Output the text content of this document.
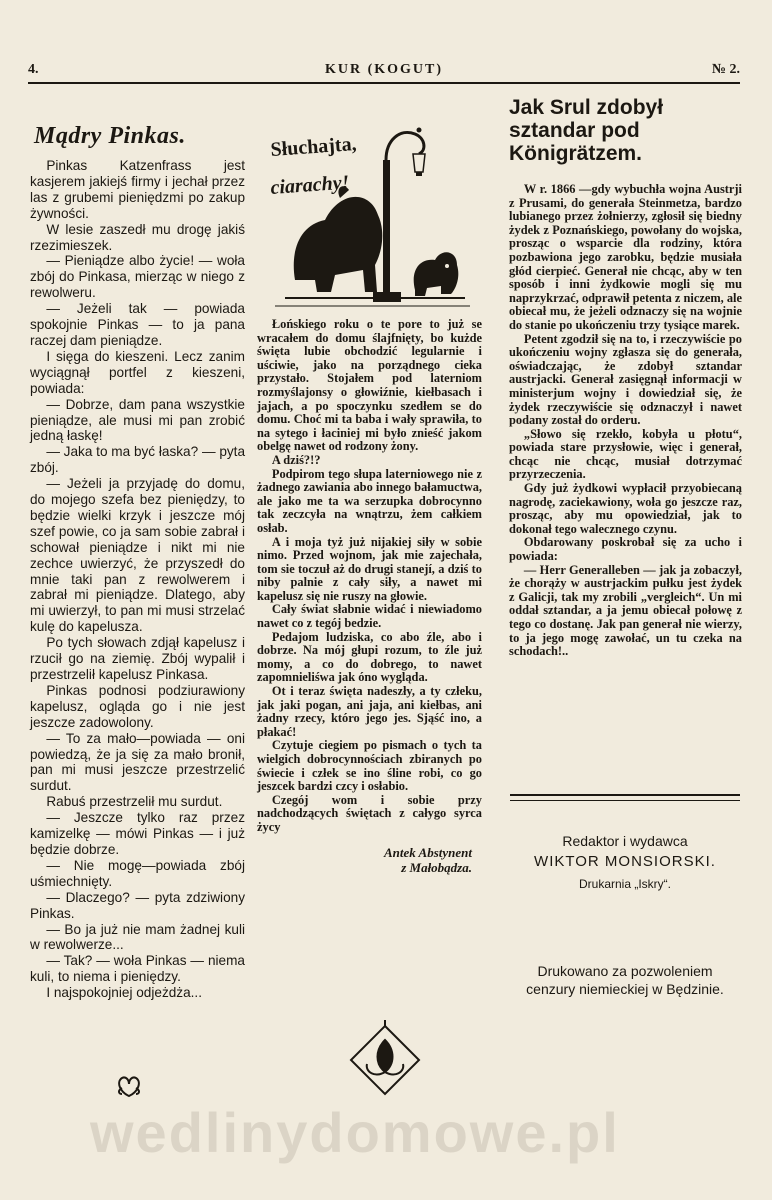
4.	KUR (KOGUT)	№ 2.
Mądry Pinkas.

Pinkas Katzenfrass jest kasjerem jakiejś firmy i jechał przez las z grubemi pieniędzmi po zakup żywności.

W lesie zaszedł mu drogę jakiś rzezimieszek.

— Pieniądze albo życie! — woła zbój do Pinkasa, mierząc w niego z rewolweru.

— Jeżeli tak — powiada spokojnie Pinkas — to ja pana raczej dam pieniądze.

I sięga do kieszeni. Lecz zanim wyciągnął portfel z kieszeni, powiada:

— Dobrze, dam pana wszystkie pieniądze, ale musi mi pan zrobić jedną łaskę!

— Jaka to ma być łaska? — pyta zbój.

— Jeżeli ja przyjadę do domu, do mojego szefa bez pieniędzy, to będzie wielki krzyk i jeszcze mój szef powie, co ja sam sobie zabrał i schował pieniądze i nikt mi nie zechce uwierzyć, że przyszedł do mnie taki pan z rewolwerem i zabrał mi pieniądze. Dlatego, aby mi uwierzył, to pan mi musi strzelać kulę do kapelusza.

Po tych słowach zdjął kapelusz i rzucił go na ziemię. Zbój wypalił i przestrzelił kapelusz Pinkasa.

Pinkas podnosi podziurawiony kapelusz, ogląda go i nie jest jeszcze zadowolony.

— To za mało—powiada — oni powiedzą, że ja się za mało bronił, pan mi musi jeszcze przestrzelić surdut.

Rabuś przestrzelił mu surdut.

— Jeszcze tylko raz przez kamizelkę — mówi Pinkas — i już będzie dobrze.

— Nie mogę—powiada zbój uśmiechnięty.

— Dlaczego? — pyta zdziwiony Pinkas.

— Bo ja już nie mam żadnej kuli w rewolwerze...

— Tak? — woła Pinkas — niema kuli, to niema i pieniędzy.

I najspokojniej odjeżdża...

Słuchajta,
ciarachy!

Łońskiego roku o te pore to już se wracałem do domu ślajfnięty, bo kużde święta lubie obchodzić legularnie i uściwie, jako na porządnego cieka przystało. Stojałem pod laterniom rozmyślajonsy o głowiźnie, kiełbasach i jajach, a po spoczynku szedłem se do domu. Choć mi ta baba i wały sprawiła, to na sytego i łaciniej mi było znieść jakom obelgę nawet od rodzony żony.

A dziś?!?

Podpirom tego słupa laterniowego nie z żadnego zawiania abo innego bałamuctwa, ale jako me ta wa serzupka dobrocynno tak zeczcyła na wnątrzu, żem całkiem osłab.

A i moja tyż już nijakiej siły w sobie nimo. Przed wojnom, jak mie zajechała, tom sie toczuł aż do drugi stanejí, a dziś to niby palnie z cały siły, a nawet mi kapelusz się nie ruszy na głowie.

Cały świat słabnie widać i niewiadomo nawet co z tegój bedzie.

Pedajom ludziska, co abo źle, abo i dobrze. Na mój głupi rozum, to źle już momy, a co do dobrego, to nawet zapomnieliśwa jak óno wygląda.

Ot i teraz święta nadeszły, a ty człeku, jak jaki pogan, ani jaja, ani kiełbas, ani żadny rzecy, któro jego jes. Sjąść ino, a płakać!

Czytuje ciegiem po pismach o tych ta wielgich dobrocynnościach zbiranych po świecie i człek se ino śline robi, co go jeszcek bardzi czcy i osłabio.

Czegój wom i sobie przy nadchodzących świętach z całygo syrca życy

Antek Abstynent
z Małobądza.
Jak Srul zdobył sztandar pod Königrätzem.

W r. 1866 —gdy wybuchła wojna Austrji z Prusami, do generała Steinmetza, bardzo lubianego przez żołnierzy, zgłosił się biedny żydek z Poznańskiego, powołany do wojska, prosząc o wsparcie dla rodziny, która pozbawiona jego zarobku, będzie musiała głód cierpieć. Generał nie chcąc, aby w ten sposób i inni żydkowie mogli się mu naprzykrzać, odprawił petenta z niczem, ale obiecał mu, że jeżeli odznaczy się na wojnie do stanie po ukończeniu trzy tysiące marek.

Petent zgodził się na to, i rzeczywiście po ukończeniu wojny zgłasza się do generała, oświadczając, że zdobył sztandar austrjacki. Generał zasięgnął informacji w ministerjum wojny i dowiedział się, że żydek rzeczywiście się odznaczył i nawet podany został do orderu.

„Słowo się rzekło, kobyła u płotu“, powiada stare przysłowie, więc i generał, chcąc nie chcąc, musiał dotrzymać przyrzeczenia.

Gdy już żydkowi wypłacił przyobiecaną nagrodę, zaciekawiony, woła go jeszcze raz, prosząc, aby mu opowiedział, jak to dokonał tego walecznego czynu.

Obdarowany poskrobał się za ucho i powiada:

— Herr Generalleben — jak ja zobaczył, że chorąży w austrjackim pułku jest żydek z Galicji, tak my zrobili „vergleich“. Un mi oddał sztandar, a ja jemu obiecał połowę z tego co dostanę. Jak pan generał nie wierzy, to ja jego mogę zawołać, un tu czeka na schodach!..

Redaktor i wydawca
WIKTOR MONSIORSKI.
Drukarnia „Iskry“.
Drukowano za pozwoleniem
cenzury niemieckiej w Będzinie.
wedlinydomowe.pl
